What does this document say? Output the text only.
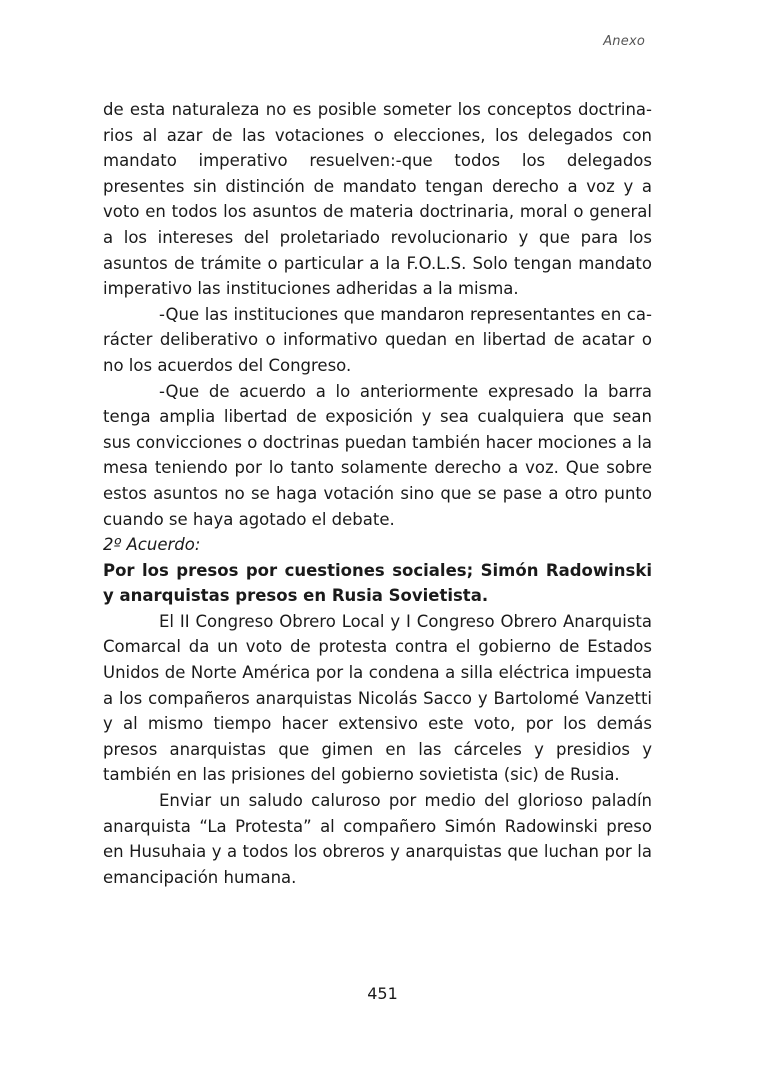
Anexo

de esta naturaleza no es posible someter los conceptos doctrinarios al azar de las votaciones o elecciones, los delegados con mandato imperativo resuelven:-que todos los delegados presentes sin distinción de mandato tengan derecho a voz y a voto en todos los asuntos de materia doctrinaria, moral o general a los intereses del proletariado revolucionario y que para los asuntos de trámite o particular a la F.O.L.S. Solo tengan mandato imperativo las instituciones adheridas a la misma.

-Que las instituciones que mandaron representantes en carácter deliberativo o informativo quedan en libertad de acatar o no los acuerdos del Congreso.

-Que de acuerdo a lo anteriormente expresado la barra tenga amplia libertad de exposición y sea cualquiera que sean sus convicciones o doctrinas puedan también hacer mociones a la mesa teniendo por lo tanto solamente derecho a voz. Que sobre estos asuntos no se haga votación sino que se pase a otro punto cuando se haya agotado el debate.

2º Acuerdo:

Por los presos por cuestiones sociales; Simón Radowinski y anarquistas presos en Rusia Sovietista.

El II Congreso Obrero Local y I Congreso Obrero Anarquista Comarcal da un voto de protesta contra el gobierno de Estados Unidos de Norte América por la condena a silla eléctrica impuesta a los compañeros anarquistas Nicolás Sacco y Bartolomé Vanzetti y al mismo tiempo hacer extensivo este voto, por los demás presos anarquistas que gimen en las cárceles y presidios y también en las prisiones del gobierno sovietista (sic) de Rusia.

Enviar un saludo caluroso por medio del glorioso paladín anarquista “La Protesta” al compañero Simón Radowinski preso en Husuhaia y a todos los obreros y anarquistas que luchan por la emancipación humana.

451
